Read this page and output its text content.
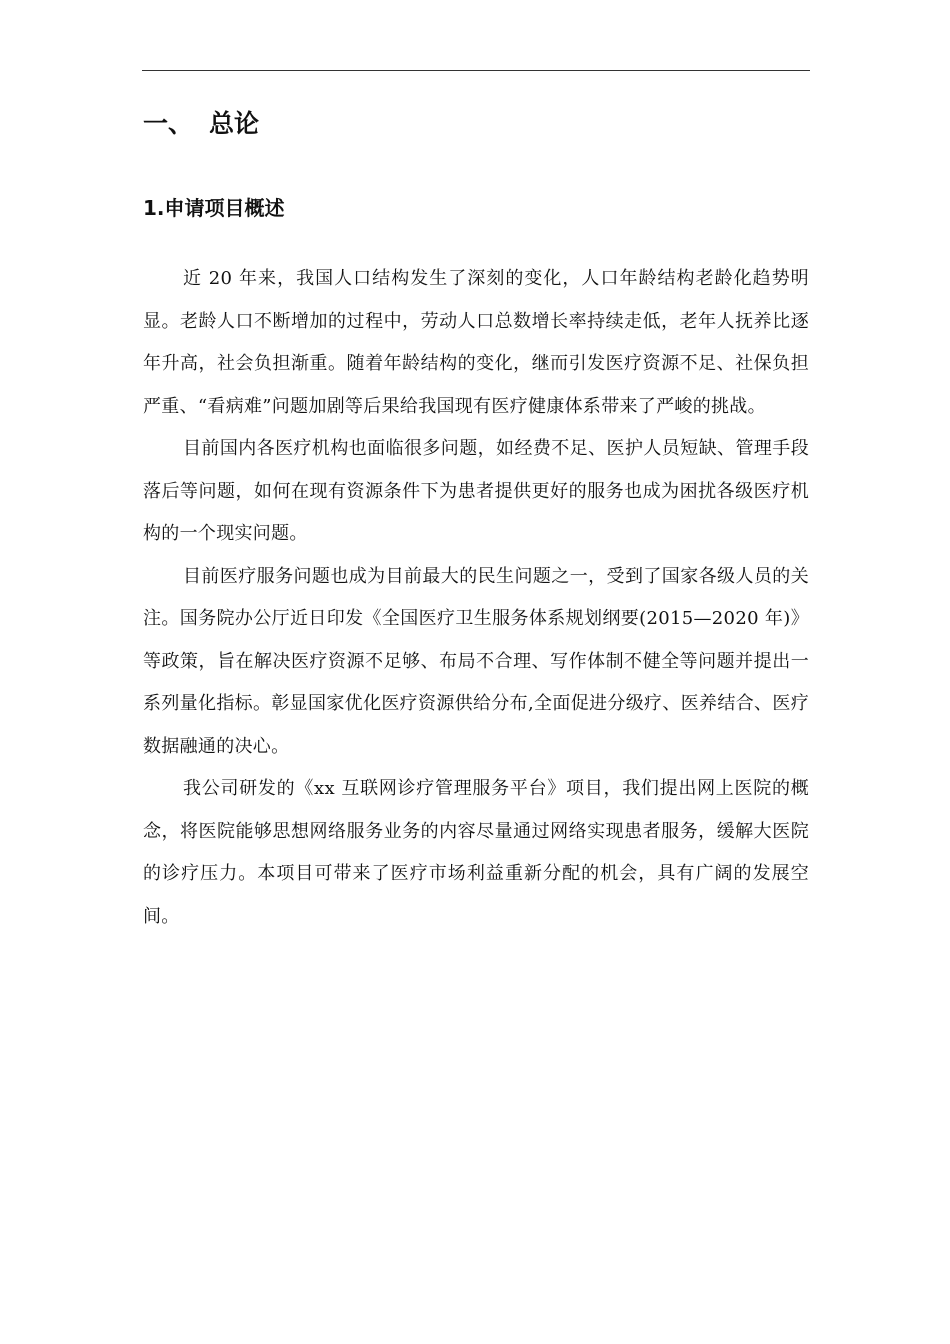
一、 总论
1.申请项目概述

近 20 年来，我国人口结构发生了深刻的变化，人口年龄结构老龄化趋势明显。老龄人口不断增加的过程中，劳动人口总数增长率持续走低，老年人抚养比逐年升高，社会负担渐重。随着年龄结构的变化，继而引发医疗资源不足、社保负担严重、“看病难”问题加剧等后果给我国现有医疗健康体系带来了严峻的挑战。

目前国内各医疗机构也面临很多问题，如经费不足、医护人员短缺、管理手段落后等问题，如何在现有资源条件下为患者提供更好的服务也成为困扰各级医疗机构的一个现实问题。

目前医疗服务问题也成为目前最大的民生问题之一，受到了国家各级人员的关注。国务院办公厅近日印发《全国医疗卫生服务体系规划纲要(2015—2020 年)》等政策，旨在解决医疗资源不足够、布局不合理、写作体制不健全等问题并提出一系列量化指标。彰显国家优化医疗资源供给分布,全面促进分级疗、医养结合、医疗数据融通的决心。

我公司研发的《xx 互联网诊疗管理服务平台》项目，我们提出网上医院的概念，将医院能够思想网络服务业务的内容尽量通过网络实现患者服务，缓解大医院的诊疗压力。本项目可带来了医疗市场利益重新分配的机会，具有广阔的发展空间。
